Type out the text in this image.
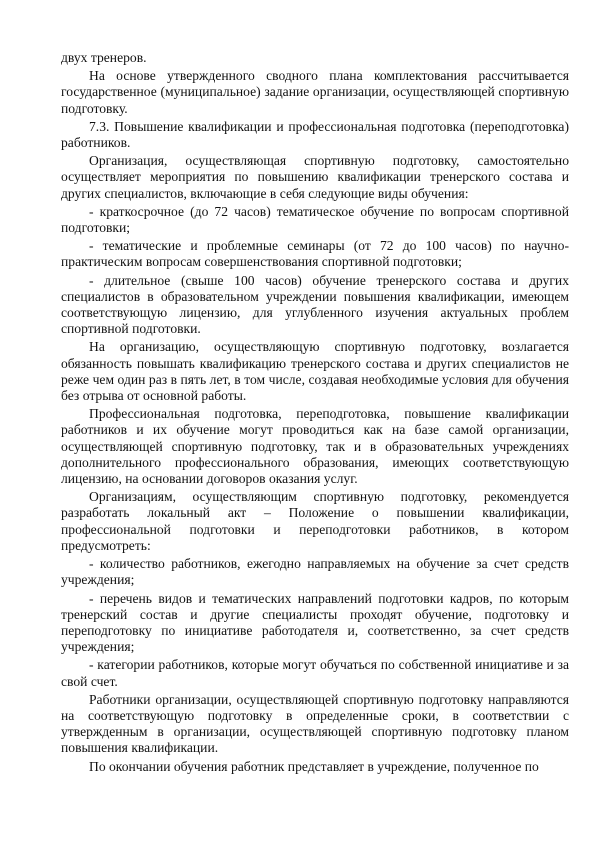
двух тренеров.

На основе утвержденного сводного плана комплектования рассчитывается государственное (муниципальное) задание организации, осуществляющей спортивную подготовку.

7.3. Повышение квалификации и профессиональная подготовка (переподготовка) работников.

Организация, осуществляющая спортивную подготовку, самостоятельно осуществляет мероприятия по повышению квалификации тренерского состава и других специалистов, включающие в себя следующие виды обучения:

- краткосрочное (до 72 часов) тематическое обучение по вопросам спортивной подготовки;

- тематические и проблемные семинары (от 72 до 100 часов) по научно-практическим вопросам совершенствования спортивной подготовки;

- длительное (свыше 100 часов) обучение тренерского состава и других специалистов в образовательном учреждении повышения квалификации, имеющем соответствующую лицензию, для углубленного изучения актуальных проблем спортивной подготовки.

На организацию, осуществляющую спортивную подготовку, возлагается обязанность повышать квалификацию тренерского состава и других специалистов не реже чем один раз в пять лет, в том числе, создавая необходимые условия для обучения без отрыва от основной работы.

Профессиональная подготовка, переподготовка, повышение квалификации работников и их обучение могут проводиться как на базе самой организации, осуществляющей спортивную подготовку, так и в образовательных учреждениях дополнительного профессионального образования, имеющих соответствующую лицензию, на основании договоров оказания услуг.

Организациям, осуществляющим спортивную подготовку, рекомендуется разработать локальный акт – Положение о повышении квалификации, профессиональной подготовки и переподготовки работников, в котором предусмотреть:

- количество работников, ежегодно направляемых на обучение за счет средств учреждения;

- перечень видов и тематических направлений подготовки кадров, по которым тренерский состав и другие специалисты проходят обучение, подготовку и переподготовку по инициативе работодателя и, соответственно, за счет средств учреждения;

- категории работников, которые могут обучаться по собственной инициативе и за свой счет.

Работники организации, осуществляющей спортивную подготовку направляются на соответствующую подготовку в определенные сроки, в соответствии с утвержденным в организации, осуществляющей спортивную подготовку планом повышения квалификации.

По окончании обучения работник представляет в учреждение, полученное по
